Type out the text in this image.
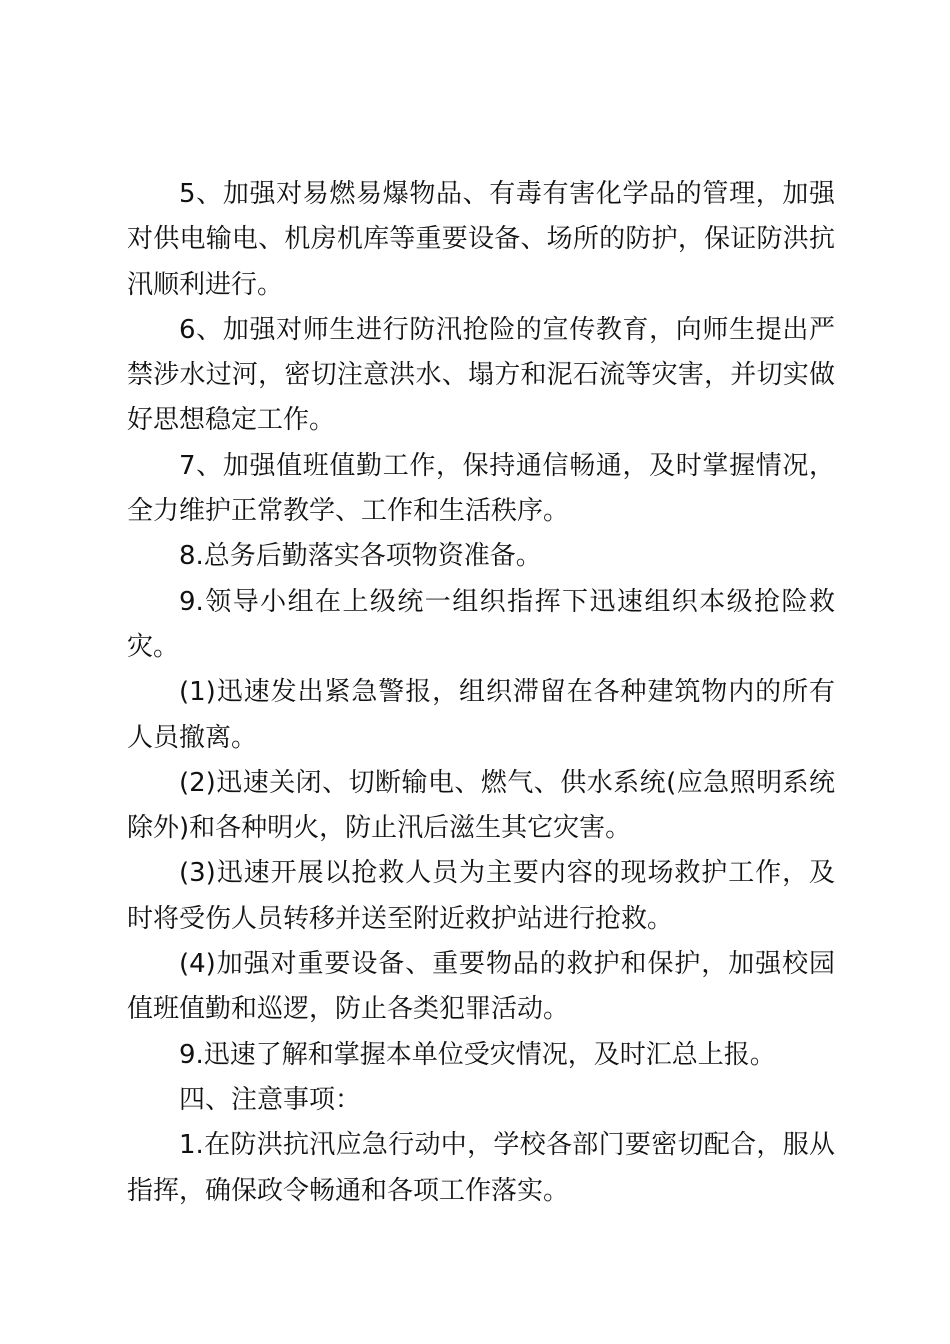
5、加强对易燃易爆物品、有毒有害化学品的管理，加强对供电输电、机房机库等重要设备、场所的防护，保证防洪抗汛顺利进行。

6、加强对师生进行防汛抢险的宣传教育，向师生提出严禁涉水过河，密切注意洪水、塌方和泥石流等灾害，并切实做好思想稳定工作。

7、加强值班值勤工作，保持通信畅通，及时掌握情况，全力维护正常教学、工作和生活秩序。

8.总务后勤落实各项物资准备。

9.领导小组在上级统一组织指挥下迅速组织本级抢险救灾。

(1)迅速发出紧急警报，组织滞留在各种建筑物内的所有人员撤离。

(2)迅速关闭、切断输电、燃气、供水系统(应急照明系统除外)和各种明火，防止汛后滋生其它灾害。

(3)迅速开展以抢救人员为主要内容的现场救护工作，及时将受伤人员转移并送至附近救护站进行抢救。

(4)加强对重要设备、重要物品的救护和保护，加强校园值班值勤和巡逻，防止各类犯罪活动。

9.迅速了解和掌握本单位受灾情况，及时汇总上报。

四、注意事项：

1.在防洪抗汛应急行动中，学校各部门要密切配合，服从指挥，确保政令畅通和各项工作落实。
